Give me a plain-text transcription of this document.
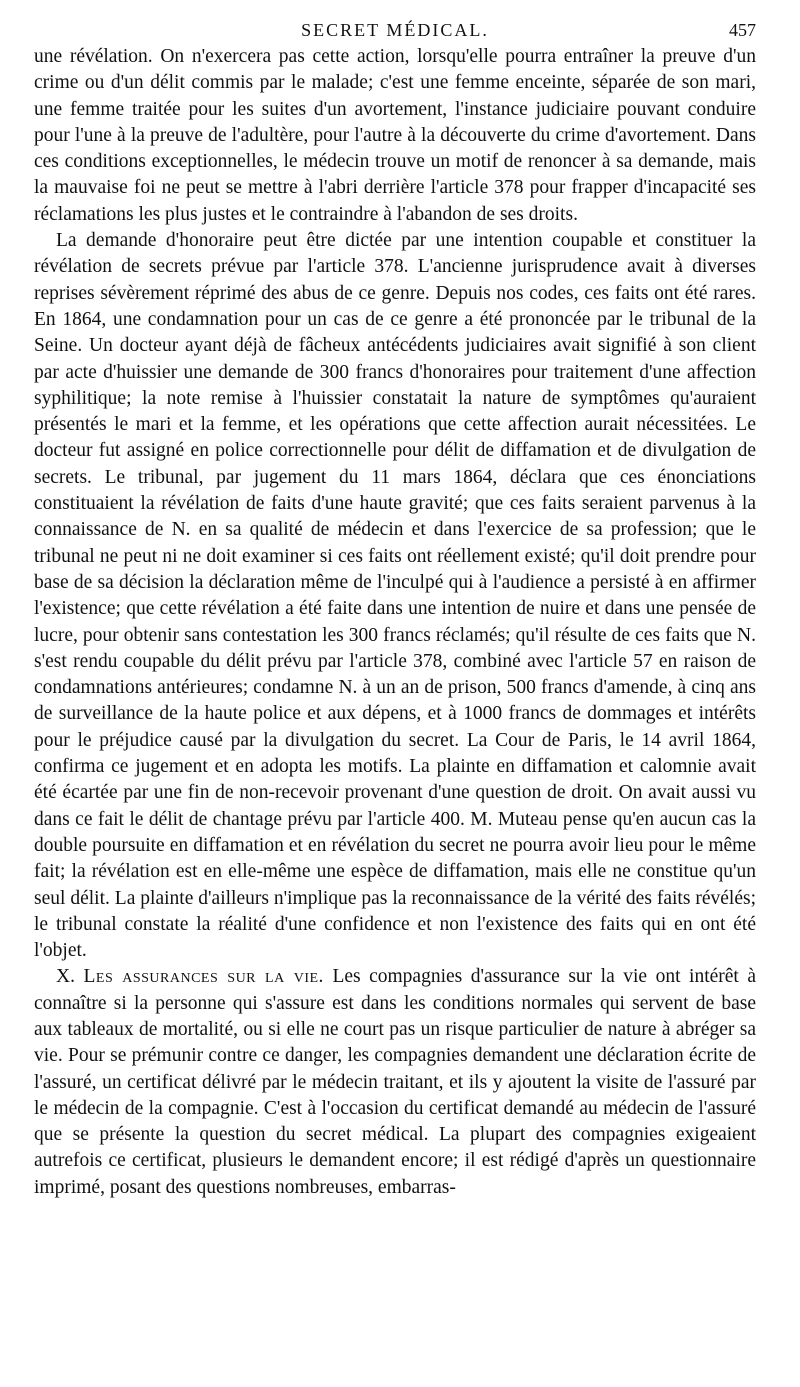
SECRET MÉDICAL.	457

une révélation. On n'exercera pas cette action, lorsqu'elle pourra entraîner la preuve d'un crime ou d'un délit commis par le malade; c'est une femme enceinte, séparée de son mari, une femme traitée pour les suites d'un avortement, l'instance judiciaire pouvant conduire pour l'une à la preuve de l'adultère, pour l'autre à la découverte du crime d'avortement. Dans ces conditions exceptionnelles, le médecin trouve un motif de renoncer à sa demande, mais la mauvaise foi ne peut se mettre à l'abri derrière l'article 378 pour frapper d'incapacité ses réclamations les plus justes et le contraindre à l'abandon de ses droits.

La demande d'honoraire peut être dictée par une intention coupable et constituer la révélation de secrets prévue par l'article 378. L'ancienne jurisprudence avait à diverses reprises sévèrement réprimé des abus de ce genre. Depuis nos codes, ces faits ont été rares. En 1864, une condamnation pour un cas de ce genre a été prononcée par le tribunal de la Seine. Un docteur ayant déjà de fâcheux antécédents judiciaires avait signifié à son client par acte d'huissier une demande de 300 francs d'honoraires pour traitement d'une affection syphilitique; la note remise à l'huissier constatait la nature de symptômes qu'auraient présentés le mari et la femme, et les opérations que cette affection aurait nécessitées. Le docteur fut assigné en police correctionnelle pour délit de diffamation et de divulgation de secrets. Le tribunal, par jugement du 11 mars 1864, déclara que ces énonciations constituaient la révélation de faits d'une haute gravité; que ces faits seraient parvenus à la connaissance de N. en sa qualité de médecin et dans l'exercice de sa profession; que le tribunal ne peut ni ne doit examiner si ces faits ont réellement existé; qu'il doit prendre pour base de sa décision la déclaration même de l'inculpé qui à l'audience a persisté à en affirmer l'existence; que cette révélation a été faite dans une intention de nuire et dans une pensée de lucre, pour obtenir sans contestation les 300 francs réclamés; qu'il résulte de ces faits que N. s'est rendu coupable du délit prévu par l'article 378, combiné avec l'article 57 en raison de condamnations antérieures; condamne N. à un an de prison, 500 francs d'amende, à cinq ans de surveillance de la haute police et aux dépens, et à 1000 francs de dommages et intérêts pour le préjudice causé par la divulgation du secret. La Cour de Paris, le 14 avril 1864, confirma ce jugement et en adopta les motifs. La plainte en diffamation et calomnie avait été écartée par une fin de non-recevoir provenant d'une question de droit. On avait aussi vu dans ce fait le délit de chantage prévu par l'article 400. M. Muteau pense qu'en aucun cas la double poursuite en diffamation et en révélation du secret ne pourra avoir lieu pour le même fait; la révélation est en elle-même une espèce de diffamation, mais elle ne constitue qu'un seul délit. La plainte d'ailleurs n'implique pas la reconnaissance de la vérité des faits révélés; le tribunal constate la réalité d'une confidence et non l'existence des faits qui en ont été l'objet.

X. Les assurances sur la vie. Les compagnies d'assurance sur la vie ont intérêt à connaître si la personne qui s'assure est dans les conditions normales qui servent de base aux tableaux de mortalité, ou si elle ne court pas un risque particulier de nature à abréger sa vie. Pour se prémunir contre ce danger, les compagnies demandent une déclaration écrite de l'assuré, un certificat délivré par le médecin traitant, et ils y ajoutent la visite de l'assuré par le médecin de la compagnie. C'est à l'occasion du certificat demandé au médecin de l'assuré que se présente la question du secret médical. La plupart des compagnies exigeaient autrefois ce certificat, plusieurs le demandent encore; il est rédigé d'après un questionnaire imprimé, posant des questions nombreuses, embarras-
